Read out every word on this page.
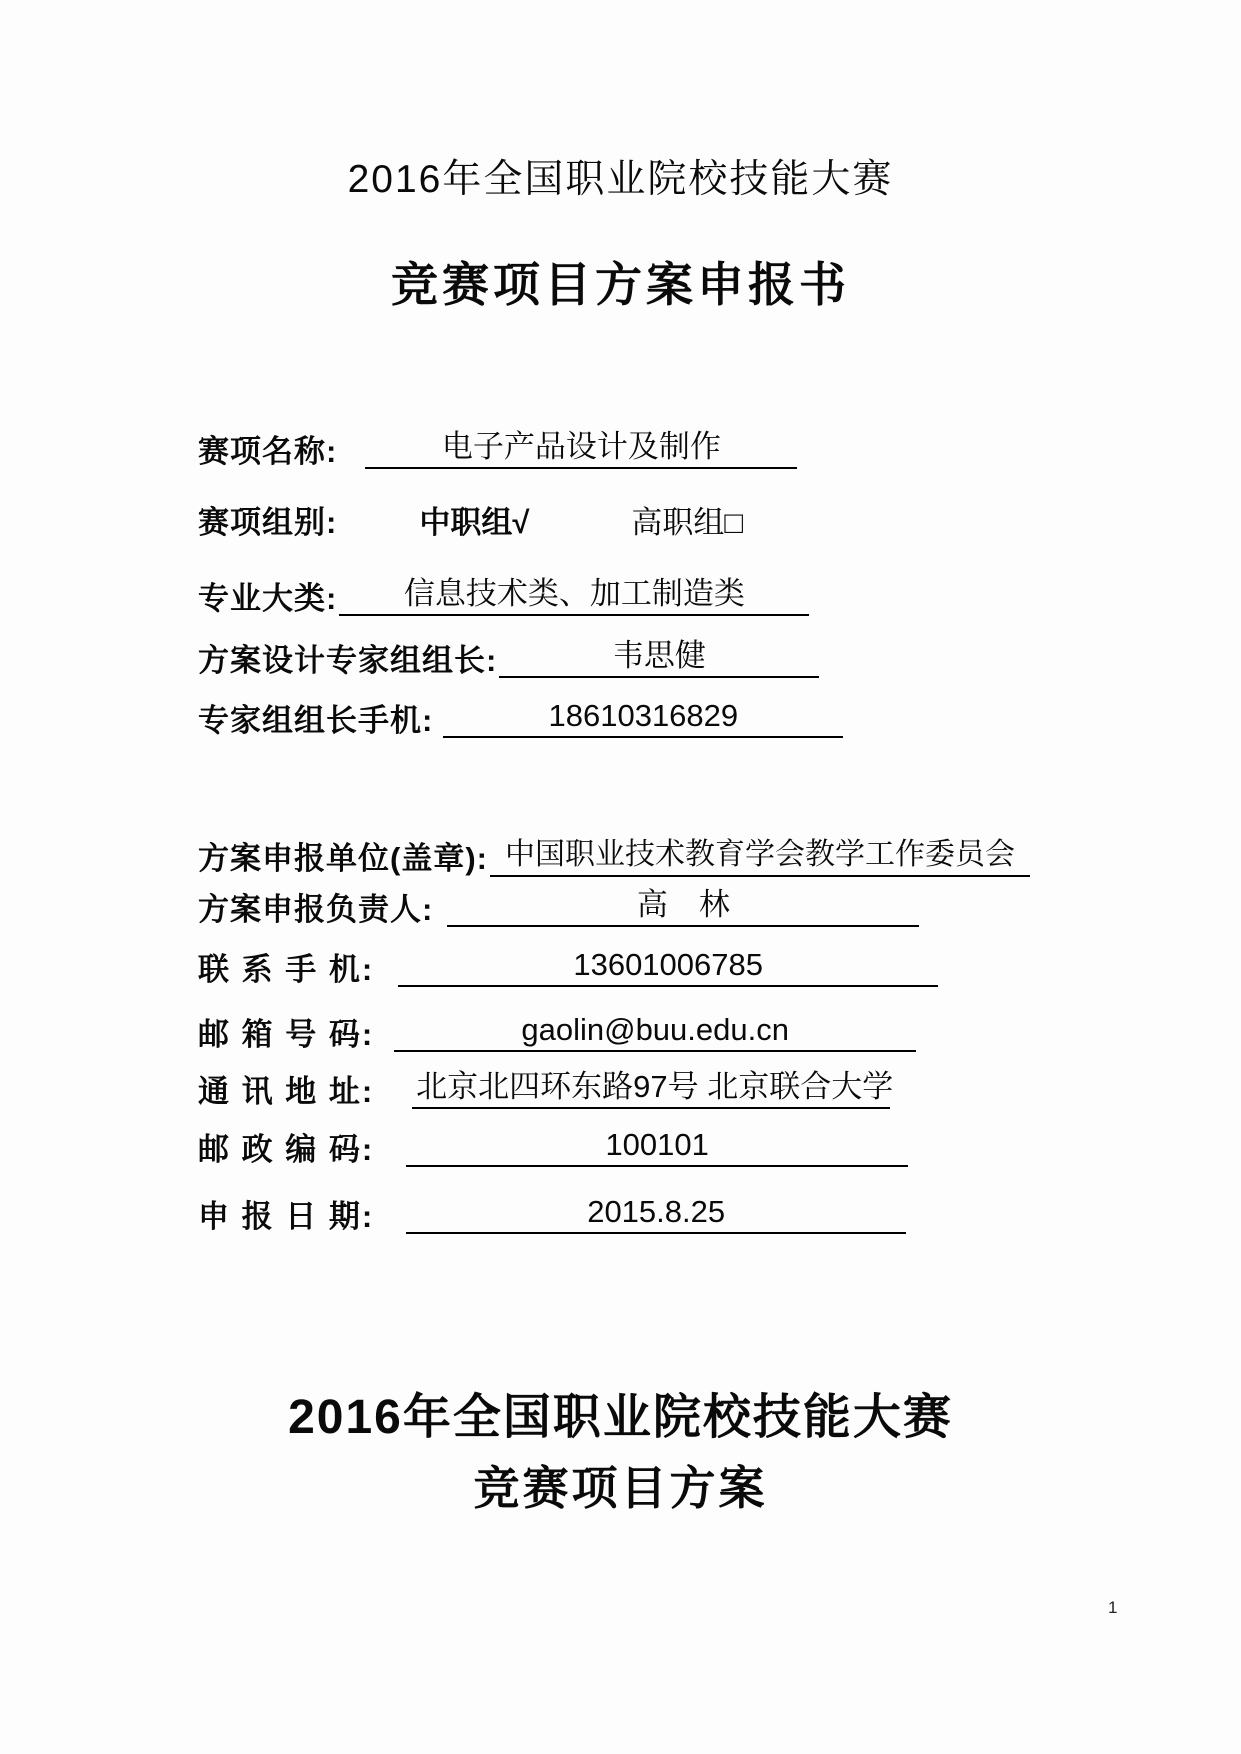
2016年全国职业院校技能大赛
竞赛项目方案申报书
赛项名称:	电子产品设计及制作
赛项组别:	中职组√	高职组□
专业大类:	信息技术类、加工制造类
方案设计专家组组长:	韦思健
专家组组长手机:	18610316829
方案申报单位(盖章): 中国职业技术教育学会教学工作委员会
方案申报负责人:	高　林
联 系 手 机:	13601006785
邮 箱 号 码:	gaolin@buu.edu.cn
通 讯 地 址: 北京北四环东路97号 北京联合大学
邮 政 编 码:	100101
申 报 日 期:	2015.8.25
2016年全国职业院校技能大赛
竞赛项目方案
1
